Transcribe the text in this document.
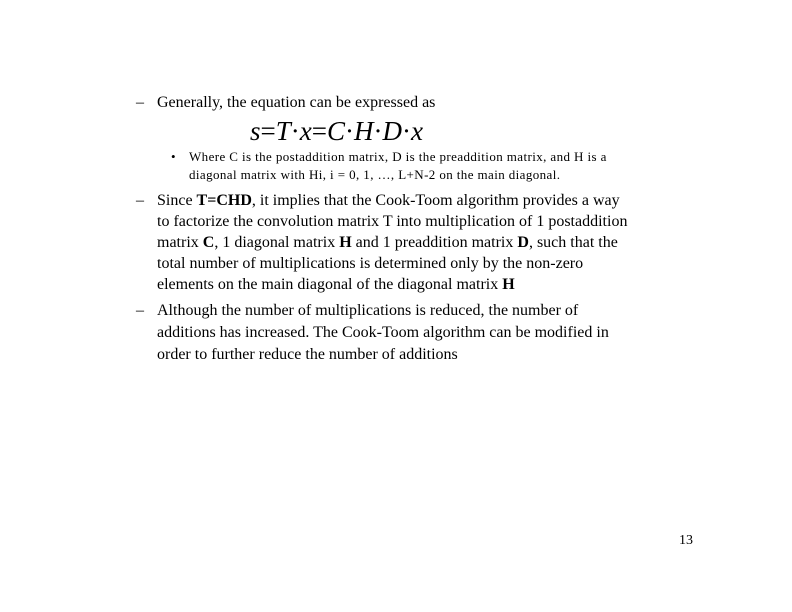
– Generally, the equation can be expressed as
s=T·x=C·H·D·x
• Where C is the postaddition matrix, D is the preaddition matrix, and H is a
diagonal matrix with Hi, i = 0, 1, …, L+N-2 on the main diagonal.
– Since T=CHD, it implies that the Cook-Toom algorithm provides a way
to factorize the convolution matrix T into multiplication of 1 postaddition
matrix C, 1 diagonal matrix H and 1 preaddition matrix D, such that the
total number of multiplications is determined only by the non-zero
elements on the main diagonal of the diagonal matrix H
– Although the number of multiplications is reduced, the number of
additions has increased. The Cook-Toom algorithm can be modified in
order to further reduce the number of additions
13
